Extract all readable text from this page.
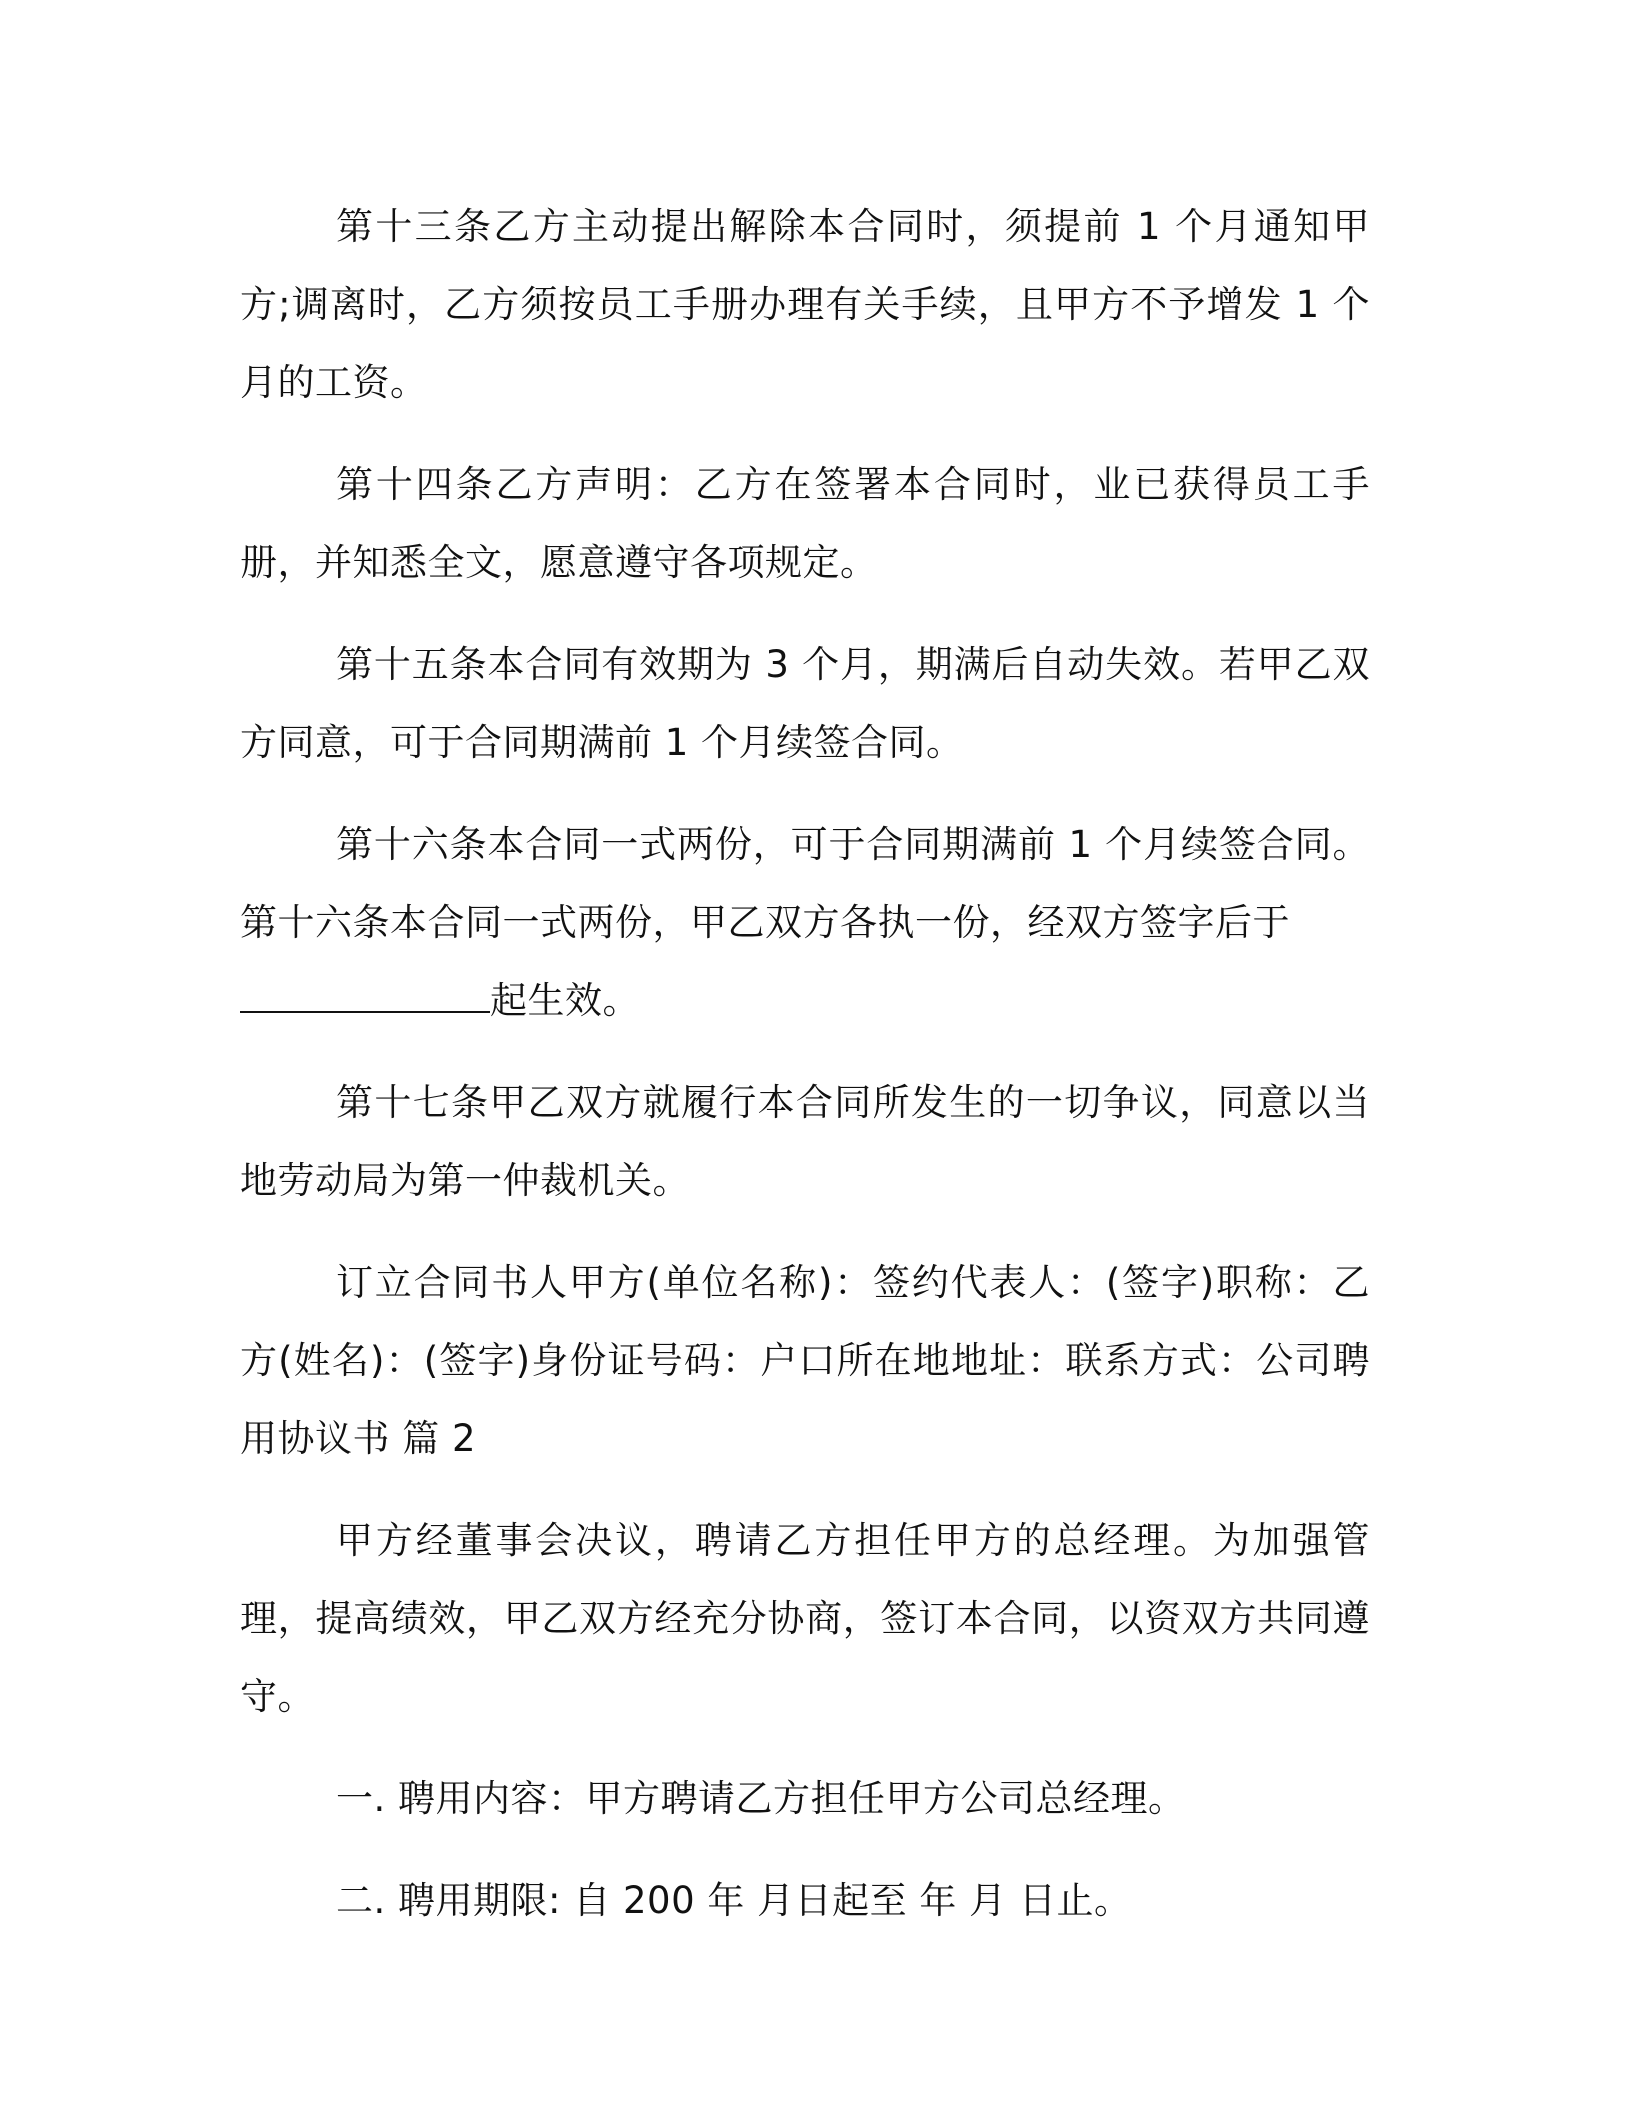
第十三条乙方主动提出解除本合同时，须提前 1 个月通知甲方;调离时，乙方须按员工手册办理有关手续，且甲方不予增发 1 个月的工资。

第十四条乙方声明：乙方在签署本合同时，业已获得员工手册，并知悉全文，愿意遵守各项规定。

第十五条本合同有效期为 3 个月，期满后自动失效。若甲乙双方同意，可于合同期满前 1 个月续签合同。

第十六条本合同一式两份，可于合同期满前 1 个月续签合同。第十六条本合同一式两份，甲乙双方各执一份，经双方签字后于
起生效。

第十七条甲乙双方就履行本合同所发生的一切争议，同意以当地劳动局为第一仲裁机关。

订立合同书人甲方(单位名称)：签约代表人：(签字)职称：乙方(姓名)：(签字)身份证号码：户口所在地地址：联系方式：公司聘用协议书 篇 2

甲方经董事会决议，聘请乙方担任甲方的总经理。为加强管理，提高绩效，甲乙双方经充分协商，签订本合同，以资双方共同遵守。

一. 聘用内容：甲方聘请乙方担任甲方公司总经理。

二. 聘用期限: 自 200 年 月日起至 年 月 日止。
